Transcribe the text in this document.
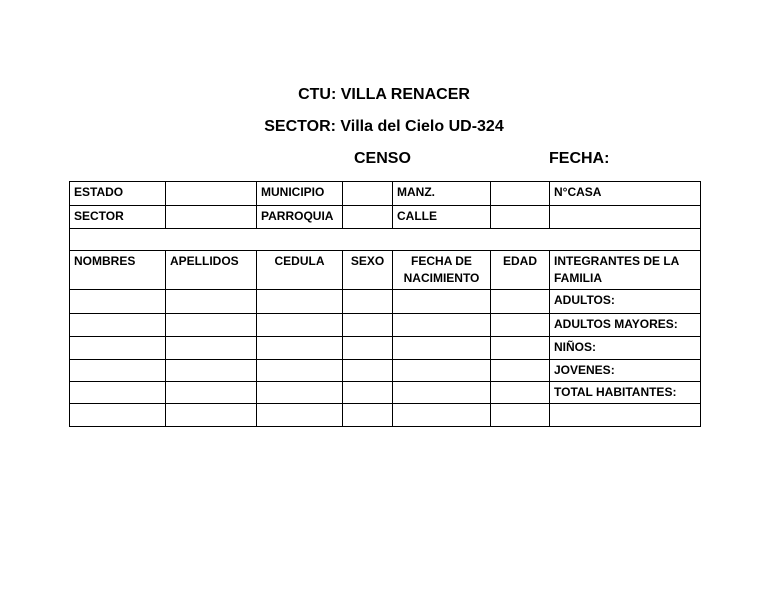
CTU: VILLA RENACER
SECTOR: Villa del Cielo UD-324
CENSO	FECHA:
ESTADO		MUNICIPIO		MANZ.		N°CASA
SECTOR		PARROQUIA		CALLE		

NOMBRES	APELLIDOS	CEDULA	SEXO	FECHA DE NACIMIENTO	EDAD	INTEGRANTES DE LA FAMILIA
						ADULTOS:
						ADULTOS MAYORES:
						NIÑOS:
						JOVENES:
						TOTAL HABITANTES:
